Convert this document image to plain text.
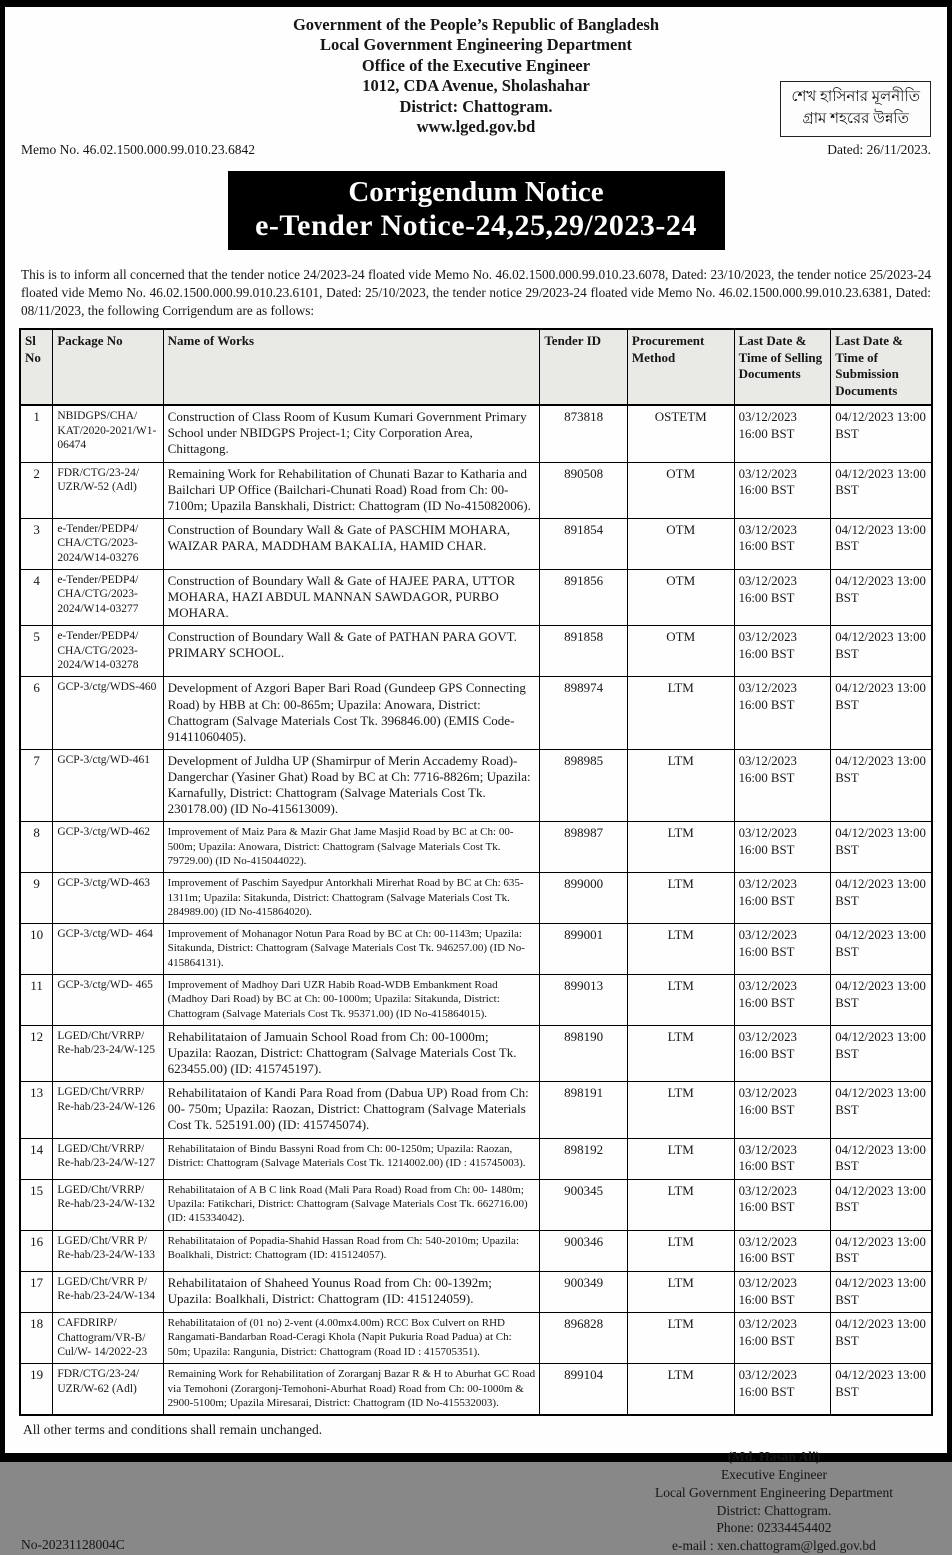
Government of the People’s Republic of Bangladesh
Local Government Engineering Department
Office of the Executive Engineer
1012, CDA Avenue, Sholashahar
District: Chattogram.
www.lged.gov.bd
শেখ হাসিনার মূলনীতি
গ্রাম শহরের উন্নতি
Memo No. 46.02.1500.000.99.010.23.6842	Dated: 26/11/2023.
Corrigendum Notice
e-Tender Notice-24,25,29/2023-24
This is to inform all concerned that the tender notice 24/2023-24 floated vide Memo No. 46.02.1500.000.99.010.23.6078, Dated: 23/10/2023, the tender notice 25/2023-24 floated vide Memo No. 46.02.1500.000.99.010.23.6101, Dated: 25/10/2023, the tender notice 29/2023-24 floated vide Memo No. 46.02.1500.000.99.010.23.6381, Dated: 08/11/2023, the following Corrigendum are as follows:
Sl No	Package No	Name of Works	Tender ID	Procurement Method	Last Date & Time of Selling Documents	Last Date & Time of Submission Documents
1	NBIDGPS/​CHA/​KAT/​2020-​2021/​W1-​06474	Construction of Class Room of Kusum Kumari Government Primary School under NBIDGPS Project-1; City Corporation Area, Chittagong.	873818	OSTETM	03/12/2023 16:00 BST	04/12/2023 13:00 BST
2	FDR/​CTG/​23-​24/​UZR/​W-​52 (Adl)	Remaining Work for Rehabilitation of Chunati Bazar to Katharia and Bailchari UP Office (Bailchari-Chunati Road) Road from Ch: 00-7100m; Upazila Banskhali, District: Chattogram (ID No-415082006).	890508	OTM	03/12/2023 16:00 BST	04/12/2023 13:00 BST
3	e-​Tender/​PEDP4/​CHA/​CTG/​2023-​2024/​W14-​03276	Construction of Boundary Wall & Gate of PASCHIM MOHARA, WAIZAR PARA, MADDHAM BAKALIA, HAMID CHAR.	891854	OTM	03/12/2023 16:00 BST	04/12/2023 13:00 BST
4	e-​Tender/​PEDP4/​CHA/​CTG/​2023-​2024/​W14-​03277	Construction of Boundary Wall & Gate of HAJEE PARA, UTTOR MOHARA, HAZI ABDUL MANNAN SAWDAGOR, PURBO MOHARA.	891856	OTM	03/12/2023 16:00 BST	04/12/2023 13:00 BST
5	e-​Tender/​PEDP4/​CHA/​CTG/​2023-​2024/​W14-​03278	Construction of Boundary Wall & Gate of PATHAN PARA GOVT. PRIMARY SCHOOL.	891858	OTM	03/12/2023 16:00 BST	04/12/2023 13:00 BST
6	GCP-​3/​ctg/​WDS-​460	Development of Azgori Baper Bari Road (Gundeep GPS Connecting Road) by HBB at Ch: 00-865m; Upazila: Anowara, District: Chattogram (Salvage Materials Cost Tk. 396846.00) (EMIS Code-91411060405).	898974	LTM	03/12/2023 16:00 BST	04/12/2023 13:00 BST
7	GCP-​3/​ctg/​WD-​461	Development of Juldha UP (Shamirpur of Merin Accademy Road)- Dangerchar (Yasiner Ghat) Road by BC at Ch: 7716-8826m; Upazila: Karnafully, District: Chattogram (Salvage Materials Cost Tk. 230178.00) (ID No-415613009).	898985	LTM	03/12/2023 16:00 BST	04/12/2023 13:00 BST
8	GCP-​3/​ctg/​WD-​462	Improvement of Maiz Para & Mazir Ghat Jame Masjid Road by BC at Ch: 00-500m; Upazila: Anowara, District: Chattogram (Salvage Materials Cost Tk. 79729.00) (ID No-415044022).	898987	LTM	03/12/2023 16:00 BST	04/12/2023 13:00 BST
9	GCP-​3/​ctg/​WD-​463	Improvement of Paschim Sayedpur Antorkhali Mirerhat Road by BC at Ch: 635-1311m; Upazila: Sitakunda, District: Chattogram (Salvage Materials Cost Tk. 284989.00) (ID No-415864020).	899000	LTM	03/12/2023 16:00 BST	04/12/2023 13:00 BST
10	GCP-​3/​ctg/​WD-​ 464	Improvement of Mohanagor Notun Para Road by BC at Ch: 00-1143m; Upazila: Sitakunda, District: Chattogram (Salvage Materials Cost Tk. 946257.00) (ID No-415864131).	899001	LTM	03/12/2023 16:00 BST	04/12/2023 13:00 BST
11	GCP-​3/​ctg/​WD-​ 465	Improvement of Madhoy Dari UZR Habib Road-WDB Embankment Road (Madhoy Dari Road) by BC at Ch: 00-1000m; Upazila: Sitakunda, District: Chattogram (Salvage Materials Cost Tk. 95371.00) (ID No-415864015).	899013	LTM	03/12/2023 16:00 BST	04/12/2023 13:00 BST
12	LGED/​Cht/​VRRP/​Re-​hab/​23-​24/​W-​125	Rehabilitataion of Jamuain School Road from Ch: 00-1000m; Upazila: Raozan, District: Chattogram (Salvage Materials Cost Tk. 623455.00) (ID: 415745197).	898190	LTM	03/12/2023 16:00 BST	04/12/2023 13:00 BST
13	LGED/​Cht/​VRRP/​Re-​hab/​23-​24/​W-​126	Rehabilitataion of Kandi Para Road from (Dabua UP) Road from Ch: 00- 750m; Upazila: Raozan, District: Chattogram (Salvage Materials Cost Tk. 525191.00) (ID: 415745074).	898191	LTM	03/12/2023 16:00 BST	04/12/2023 13:00 BST
14	LGED/​Cht/​VRRP/​Re-​hab/​23-​24/​W-​127	Rehabilitataion of Bindu Bassyni Road from Ch: 00-1250m; Upazila: Raozan, District: Chattogram (Salvage Materials Cost Tk. 1214002.00) (ID : 415745003).	898192	LTM	03/12/2023 16:00 BST	04/12/2023 13:00 BST
15	LGED/​Cht/​VRRP/​Re-​hab/​23-​24/​W-​132	Rehabilitataion of A B C link Road (Mali Para Road) Road from Ch: 00- 1480m; Upazila: Fatikchari, District: Chattogram (Salvage Materials Cost Tk. 662716.00) (ID: 415334042).	900345	LTM	03/12/2023 16:00 BST	04/12/2023 13:00 BST
16	LGED/​Cht/​VRR P/​Re-​hab/​23-​24/​W-​133	Rehabilitataion of Popadia-Shahid Hassan Road from Ch: 540-2010m; Upazila: Boalkhali, District: Chattogram (ID: 415124057).	900346	LTM	03/12/2023 16:00 BST	04/12/2023 13:00 BST
17	LGED/​Cht/​VRR P/​Re-​hab/​23-​24/​W-​134	Rehabilitataion of Shaheed Younus Road from Ch: 00-1392m; Upazila: Boalkhali, District: Chattogram (ID: 415124059).	900349	LTM	03/12/2023 16:00 BST	04/12/2023 13:00 BST
18	CAFDRIRP/​Chattogram/​VR-​B/​Cul/​W-​ 14/​2022-​23	Rehabilitataion of (01 no) 2-vent (4.00mx4.00m) RCC Box Culvert on RHD Rangamati-Bandarban Road-Ceragi Khola (Napit Pukuria Road Padua) at Ch: 50m; Upazila: Rangunia, District: Chattogram (Road ID : 415705351).	896828	LTM	03/12/2023 16:00 BST	04/12/2023 13:00 BST
19	FDR/​CTG/​23-​24/​UZR/​W-​62 (Adl)	Remaining Work for Rehabilitation of Zorarganj Bazar R & H to Aburhat GC Road via Temohoni (Zorargonj-Temohoni-Aburhat Road) Road from Ch: 00-1000m & 2900-5100m; Upazila Miresarai, District: Chattogram (ID No-415532003).	899104	LTM	03/12/2023 16:00 BST	04/12/2023 13:00 BST
All other terms and conditions shall remain unchanged.
No-20231128004C
(Md. Hasan Ali)
Executive Engineer
Local Government Engineering Department
District: Chattogram.
Phone: 02334454402
e-mail : xen.chattogram@lged.gov.bd
